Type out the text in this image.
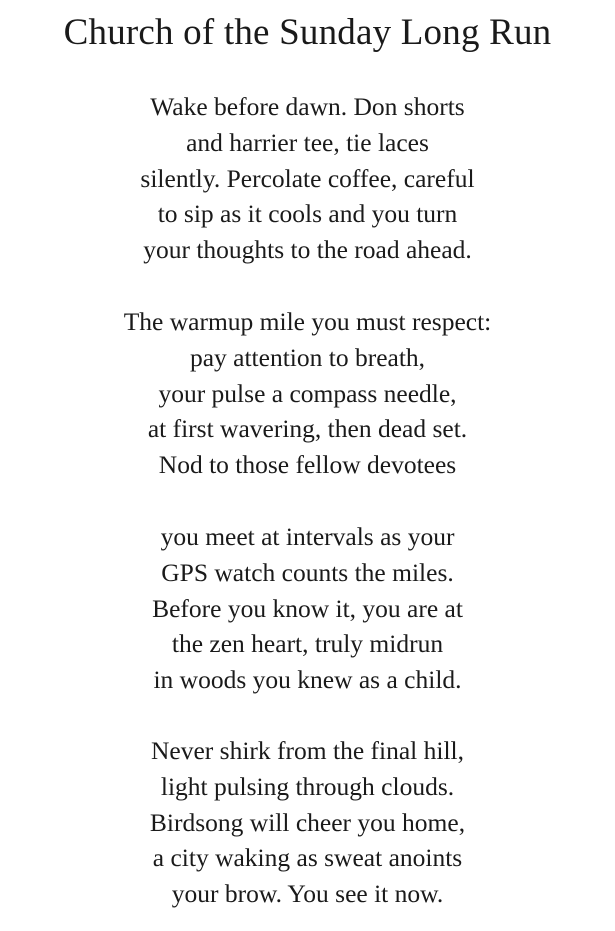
Church of the Sunday Long Run
Wake before dawn. Don shorts
and harrier tee, tie laces
silently. Percolate coffee, careful
to sip as it cools and you turn
your thoughts to the road ahead.
The warmup mile you must respect:
pay attention to breath,
your pulse a compass needle,
at first wavering, then dead set.
Nod to those fellow devotees
you meet at intervals as your
GPS watch counts the miles.
Before you know it, you are at
the zen heart, truly midrun
in woods you knew as a child.
Never shirk from the final hill,
light pulsing through clouds.
Birdsong will cheer you home,
a city waking as sweat anoints
your brow. You see it now.
